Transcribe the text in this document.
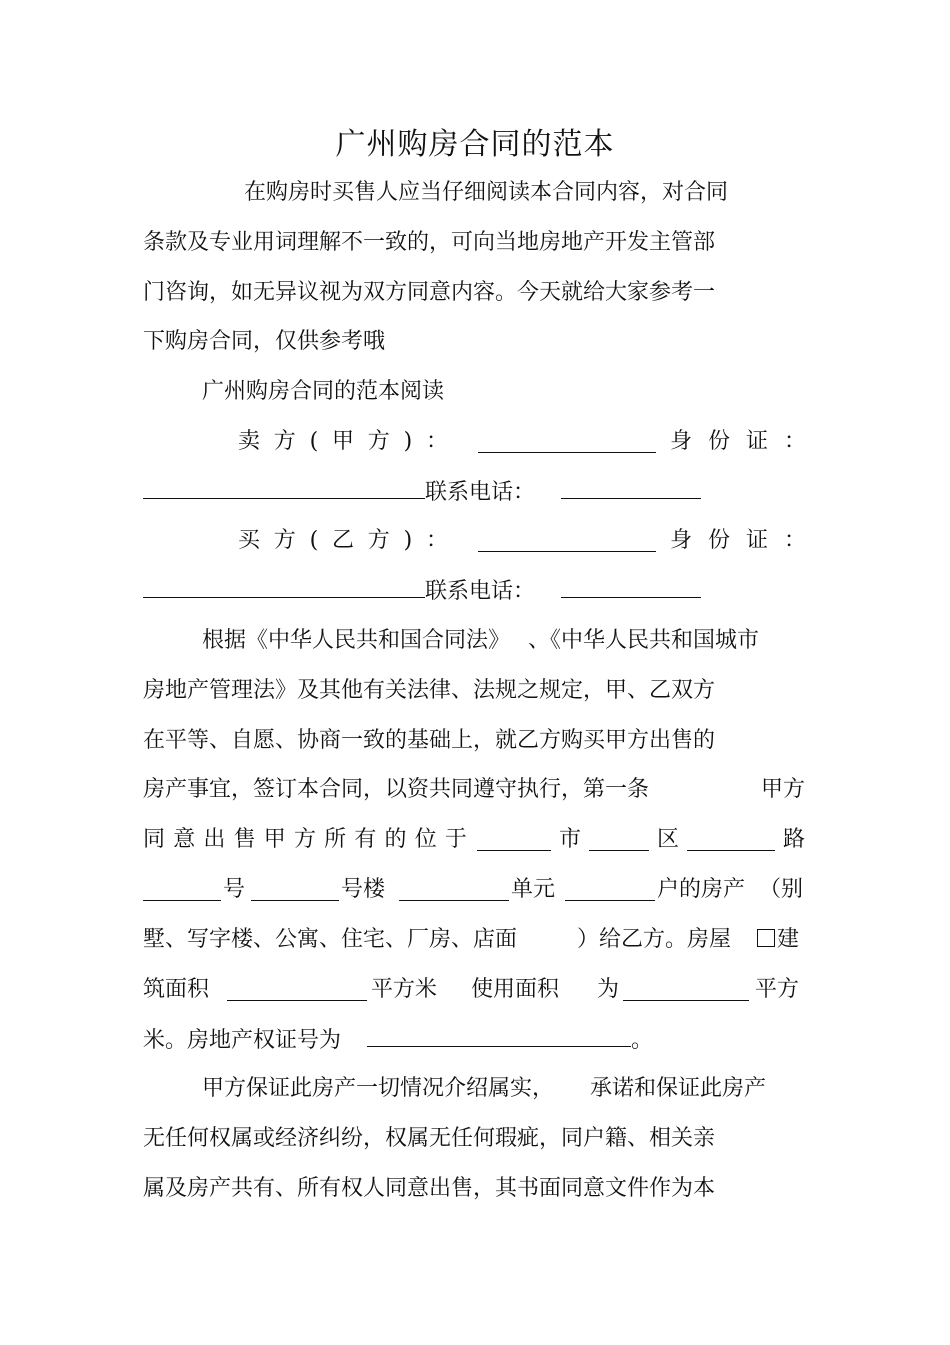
广州购房合同的范本
在购房时买售人应当仔细阅读本合同内容，对合同
条款及专业用词理解不一致的，可向当地房地产开发主管部
门咨询，如无异议视为双方同意内容。今天就给大家参考一
下购房合同，仅供参考哦
广州购房合同的范本阅读
卖 方 ( 甲 方 ) ：	身 份 证 ：
联系电话：
买 方 ( 乙 方 ) ：	身 份 证 ：
联系电话：
根据《中华人民共和国合同法》 、《中华人民共和国城市
房地产管理法》及其他有关法律、法规之规定，甲、乙双方
在平等、自愿、协商一致的基础上，就乙方购买甲方出售的
房产事宜，签订本合同，以资共同遵守执行，第一条	甲方
同 意 出 售 甲 方 所 有 的 位 于	市	区	路
号	号楼	单元	户的房产 （别
墅、写字楼、公寓、住宅、厂房、店面	）给乙方。房屋	建
筑面积	平方米 使用面积 为	平方
米。房地产权证号为	。
甲方保证此房产一切情况介绍属实， 承诺和保证此房产
无任何权属或经济纠纷，权属无任何瑕疵，同户籍、相关亲
属及房产共有、所有权人同意出售，其书面同意文件作为本
